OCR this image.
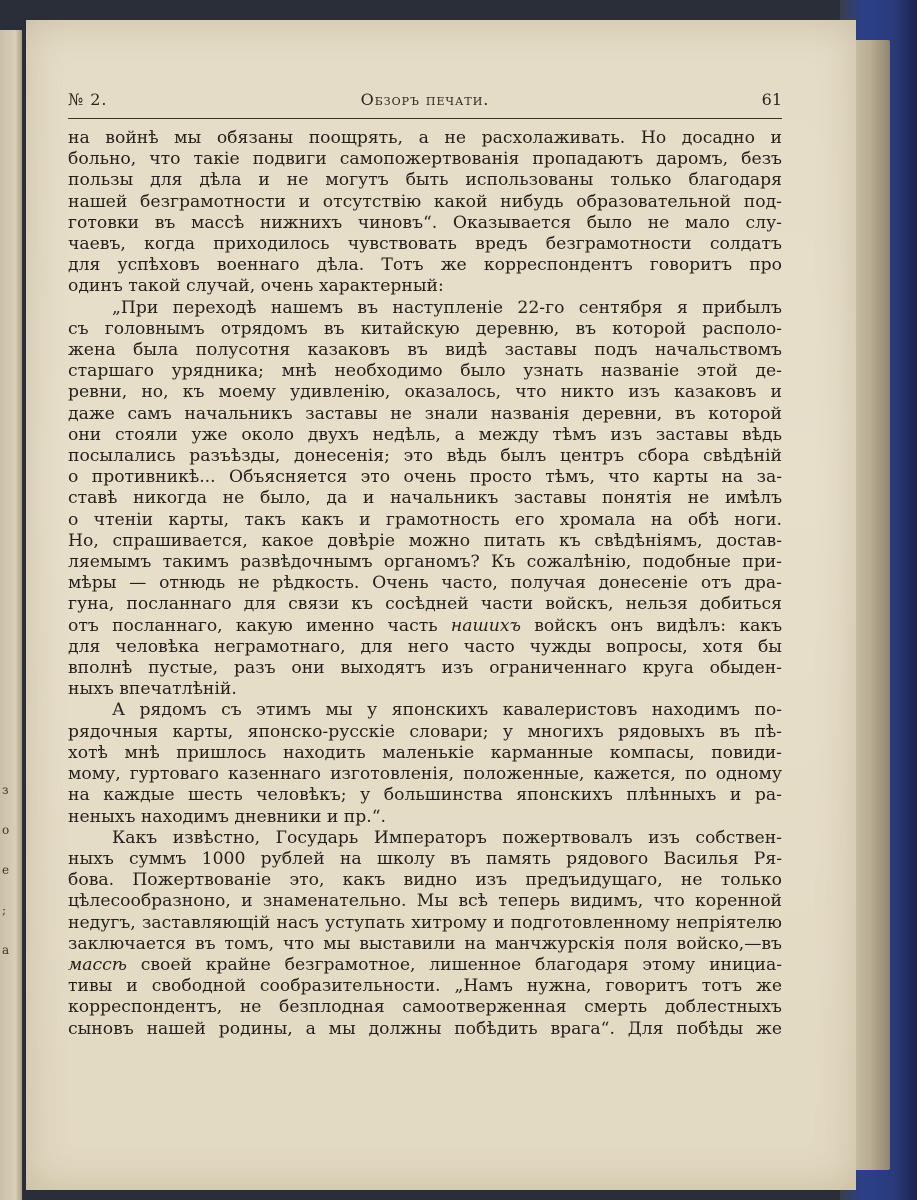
з
о
е
;
а
№ 2.	Обзоръ печати.	61
на войнѣ мы обязаны поощрять, а не расхолаживать. Но досадно и
больно, что такіе подвиги самопожертвованія пропадаютъ даромъ, безъ
пользы для дѣла и не могутъ быть использованы только благодаря
нашей безграмотности и отсутствію какой нибудь образовательной под-
готовки въ массѣ нижнихъ чиновъ“. Оказывается было не мало слу-
чаевъ, когда приходилось чувствовать вредъ безграмотности солдатъ
для успѣховъ военнаго дѣла. Тотъ же корреспондентъ говоритъ про
одинъ такой случай, очень характерный:
„При переходѣ нашемъ въ наступленіе 22-го сентября я прибылъ
съ головнымъ отрядомъ въ китайскую деревню, въ которой располо-
жена была полусотня казаковъ въ видѣ заставы подъ начальствомъ
старшаго урядника; мнѣ необходимо было узнать названіе этой де-
ревни, но, къ моему удивленію, оказалось, что никто изъ казаковъ и
даже самъ начальникъ заставы не знали названія деревни, въ которой
они стояли уже около двухъ недѣль, а между тѣмъ изъ заставы вѣдь
посылались разъѣзды, донесенія; это вѣдь былъ центръ сбора свѣдѣній
о противникѣ... Объясняется это очень просто тѣмъ, что карты на за-
ставѣ никогда не было, да и начальникъ заставы понятія не имѣлъ
о чтеніи карты, такъ какъ и грамотность его хромала на обѣ ноги.
Но, спрашивается, какое довѣріе можно питать къ свѣдѣніямъ, достав-
ляемымъ такимъ развѣдочнымъ органомъ? Къ сожалѣнію, подобные при-
мѣры — отнюдь не рѣдкость. Очень часто, получая донесеніе отъ дра-
гуна, посланнаго для связи къ сосѣдней части войскъ, нельзя добиться
отъ посланнаго, какую именно часть нашихъ войскъ онъ видѣлъ: какъ
для человѣка неграмотнаго, для него часто чужды вопросы, хотя бы
вполнѣ пустые, разъ они выходятъ изъ ограниченнаго круга обыден-
ныхъ впечатлѣній.
А рядомъ съ этимъ мы у японскихъ кавалеристовъ находимъ по-
рядочныя карты, японско-русскіе словари; у многихъ рядовыхъ въ пѣ-
хотѣ мнѣ пришлось находить маленькіе карманные компасы, повиди-
мому, гуртоваго казеннаго изготовленія, положенные, кажется, по одному
на каждые шесть человѣкъ; у большинства японскихъ плѣнныхъ и ра-
неныхъ находимъ дневники и пр.“.
Какъ извѣстно, Государь Императоръ пожертвовалъ изъ собствен-
ныхъ суммъ 1000 рублей на школу въ память рядового Василья Ря-
бова. Пожертвованіе это, какъ видно изъ предъидущаго, не только
цѣлесообразноно, и знаменательно. Мы всѣ теперь видимъ, что коренной
недугъ, заставляющій насъ уступать хитрому и подготовленному непріятелю
заключается въ томъ, что мы выставили на манчжурскія поля войско,—въ
массѣ своей крайне безграмотное, лишенное благодаря этому инициа-
тивы и свободной сообразительности. „Намъ нужна, говоритъ тотъ же
корреспондентъ, не безплодная самоотверженная смерть доблестныхъ
сыновъ нашей родины, а мы должны побѣдить врага“. Для побѣды же
